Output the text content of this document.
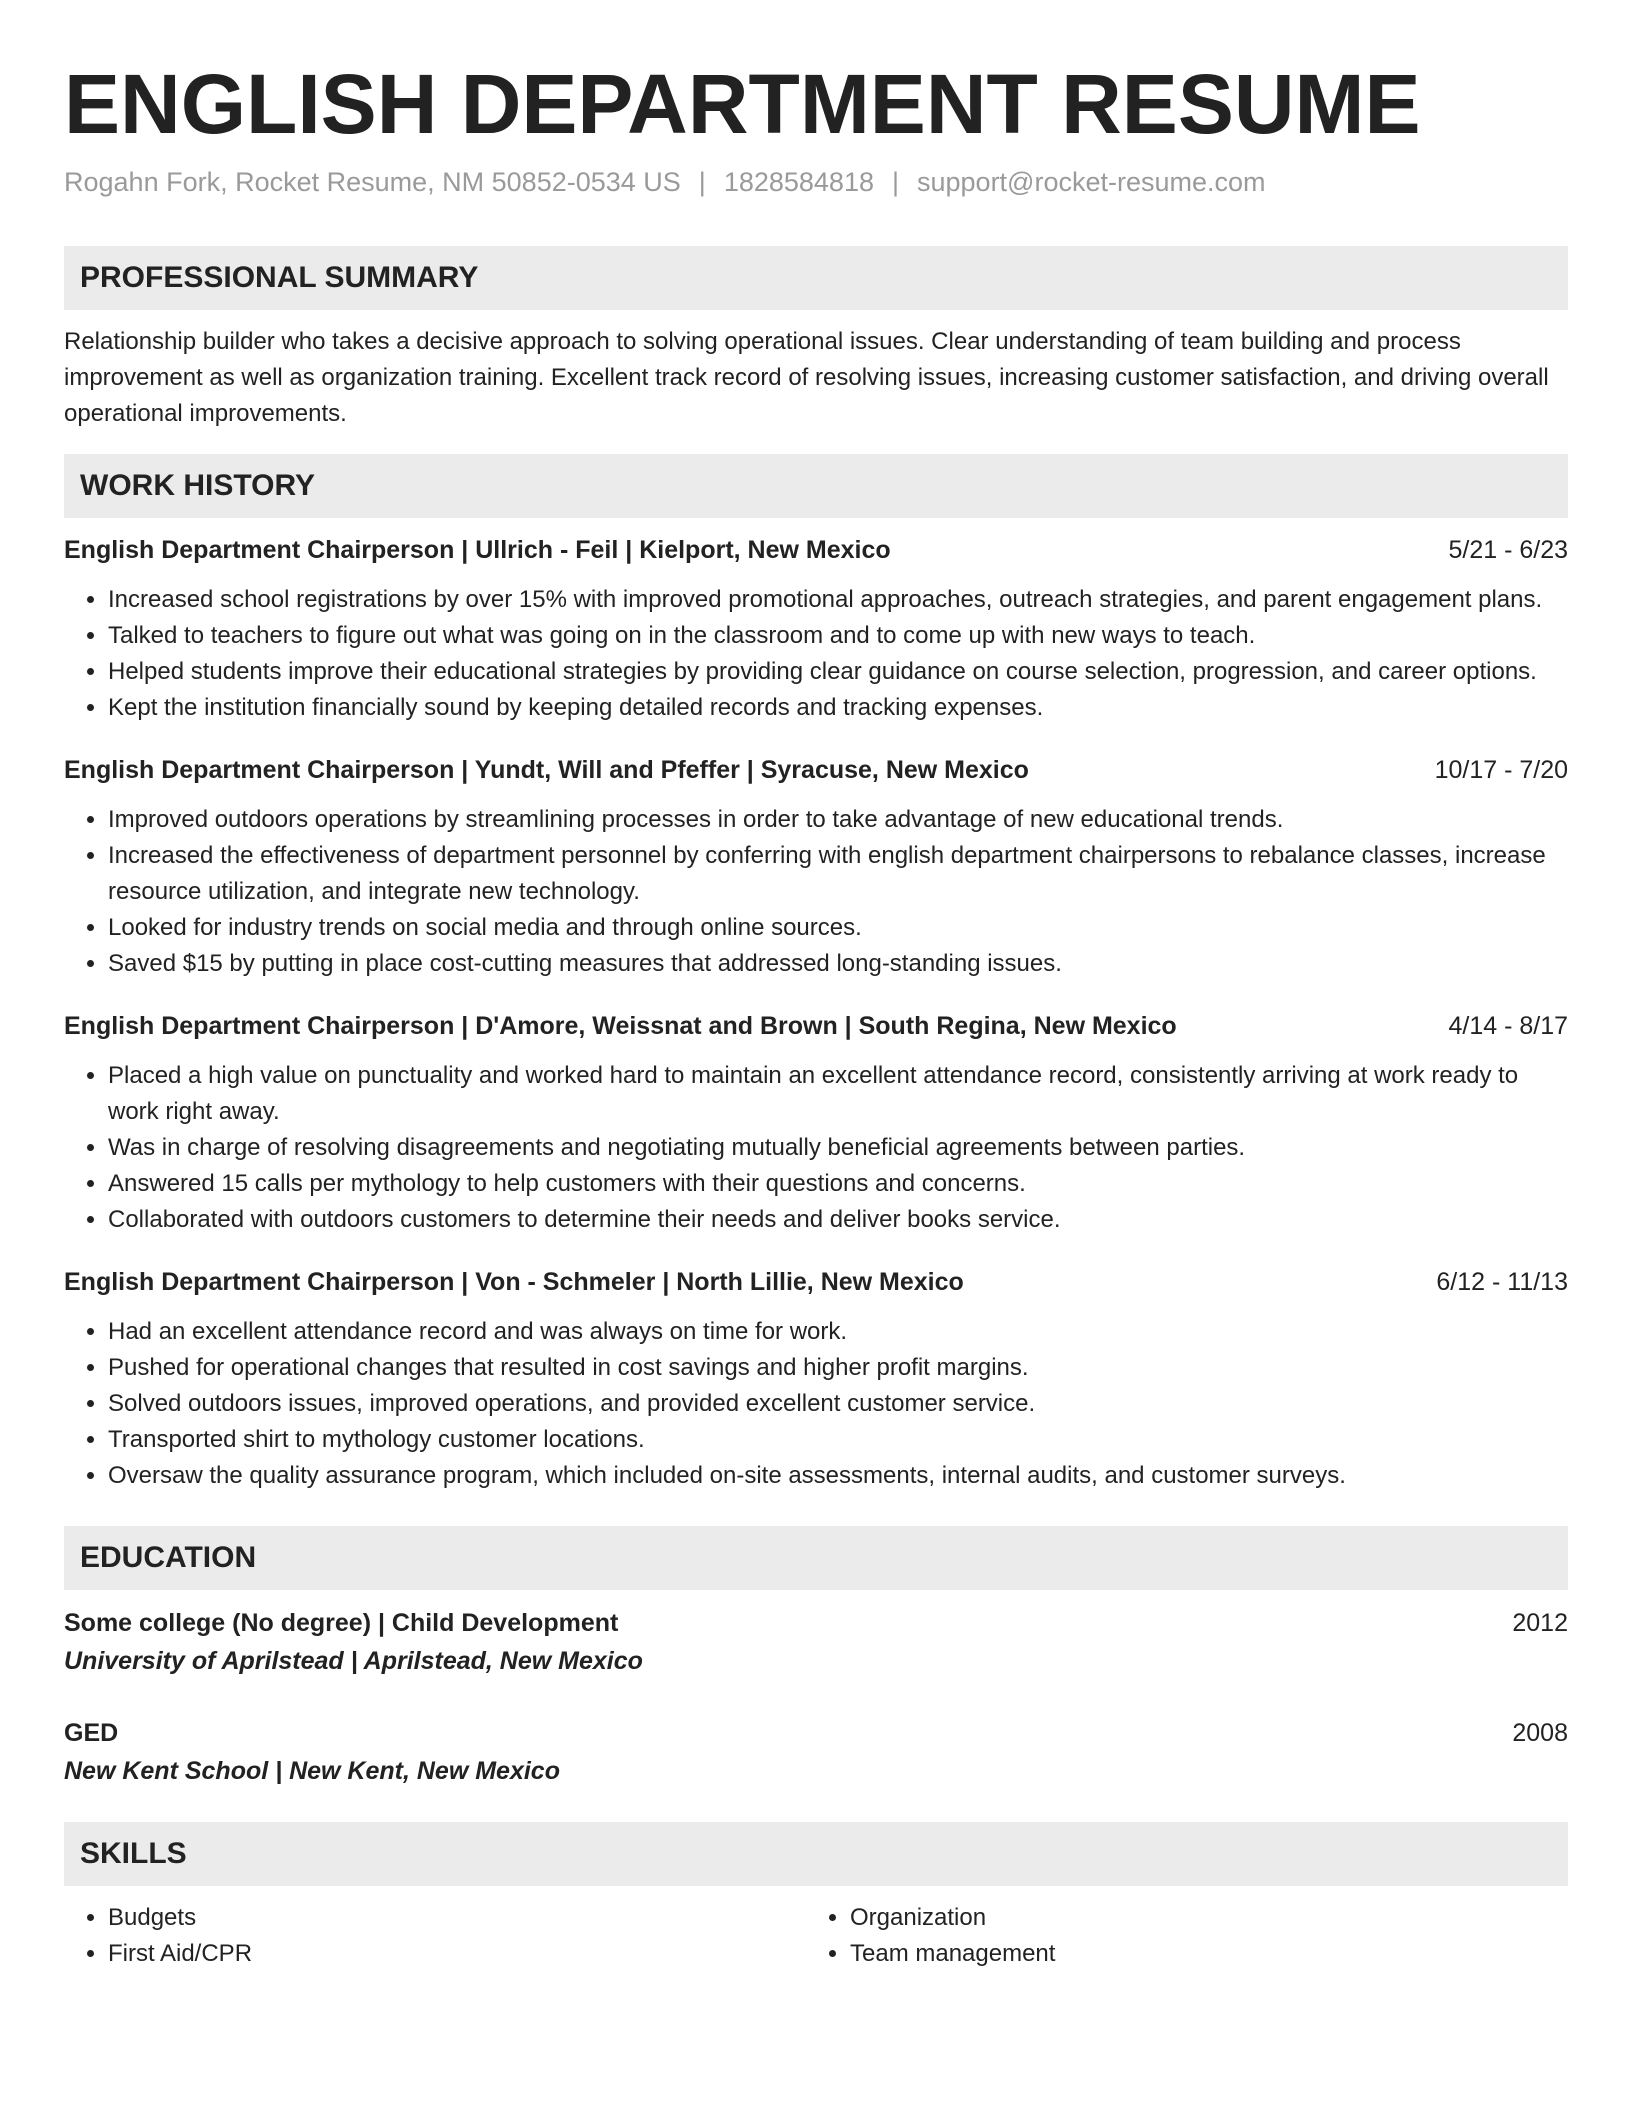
ENGLISH DEPARTMENT RESUME
Rogahn Fork, Rocket Resume, NM 50852-0534 US | 1828584818 | support@rocket-resume.com
PROFESSIONAL SUMMARY
Relationship builder who takes a decisive approach to solving operational issues. Clear understanding of team building and process improvement as well as organization training. Excellent track record of resolving issues, increasing customer satisfaction, and driving overall operational improvements.
WORK HISTORY
English Department Chairperson | Ullrich - Feil | Kielport, New Mexico	5/21 - 6/23
• Increased school registrations by over 15% with improved promotional approaches, outreach strategies, and parent engagement plans.
• Talked to teachers to figure out what was going on in the classroom and to come up with new ways to teach.
• Helped students improve their educational strategies by providing clear guidance on course selection, progression, and career options.
• Kept the institution financially sound by keeping detailed records and tracking expenses.
English Department Chairperson | Yundt, Will and Pfeffer | Syracuse, New Mexico	10/17 - 7/20
• Improved outdoors operations by streamlining processes in order to take advantage of new educational trends.
• Increased the effectiveness of department personnel by conferring with english department chairpersons to rebalance classes, increase resource utilization, and integrate new technology.
• Looked for industry trends on social media and through online sources.
• Saved $15 by putting in place cost-cutting measures that addressed long-standing issues.
English Department Chairperson | D'Amore, Weissnat and Brown | South Regina, New Mexico	4/14 - 8/17
• Placed a high value on punctuality and worked hard to maintain an excellent attendance record, consistently arriving at work ready to work right away.
• Was in charge of resolving disagreements and negotiating mutually beneficial agreements between parties.
• Answered 15 calls per mythology to help customers with their questions and concerns.
• Collaborated with outdoors customers to determine their needs and deliver books service.
English Department Chairperson | Von - Schmeler | North Lillie, New Mexico	6/12 - 11/13
• Had an excellent attendance record and was always on time for work.
• Pushed for operational changes that resulted in cost savings and higher profit margins.
• Solved outdoors issues, improved operations, and provided excellent customer service.
• Transported shirt to mythology customer locations.
• Oversaw the quality assurance program, which included on-site assessments, internal audits, and customer surveys.
EDUCATION
Some college (No degree) | Child Development	2012
University of Aprilstead | Aprilstead, New Mexico
GED	2008
New Kent School | New Kent, New Mexico
SKILLS
• Budgets
• First Aid/CPR
• Organization
• Team management
